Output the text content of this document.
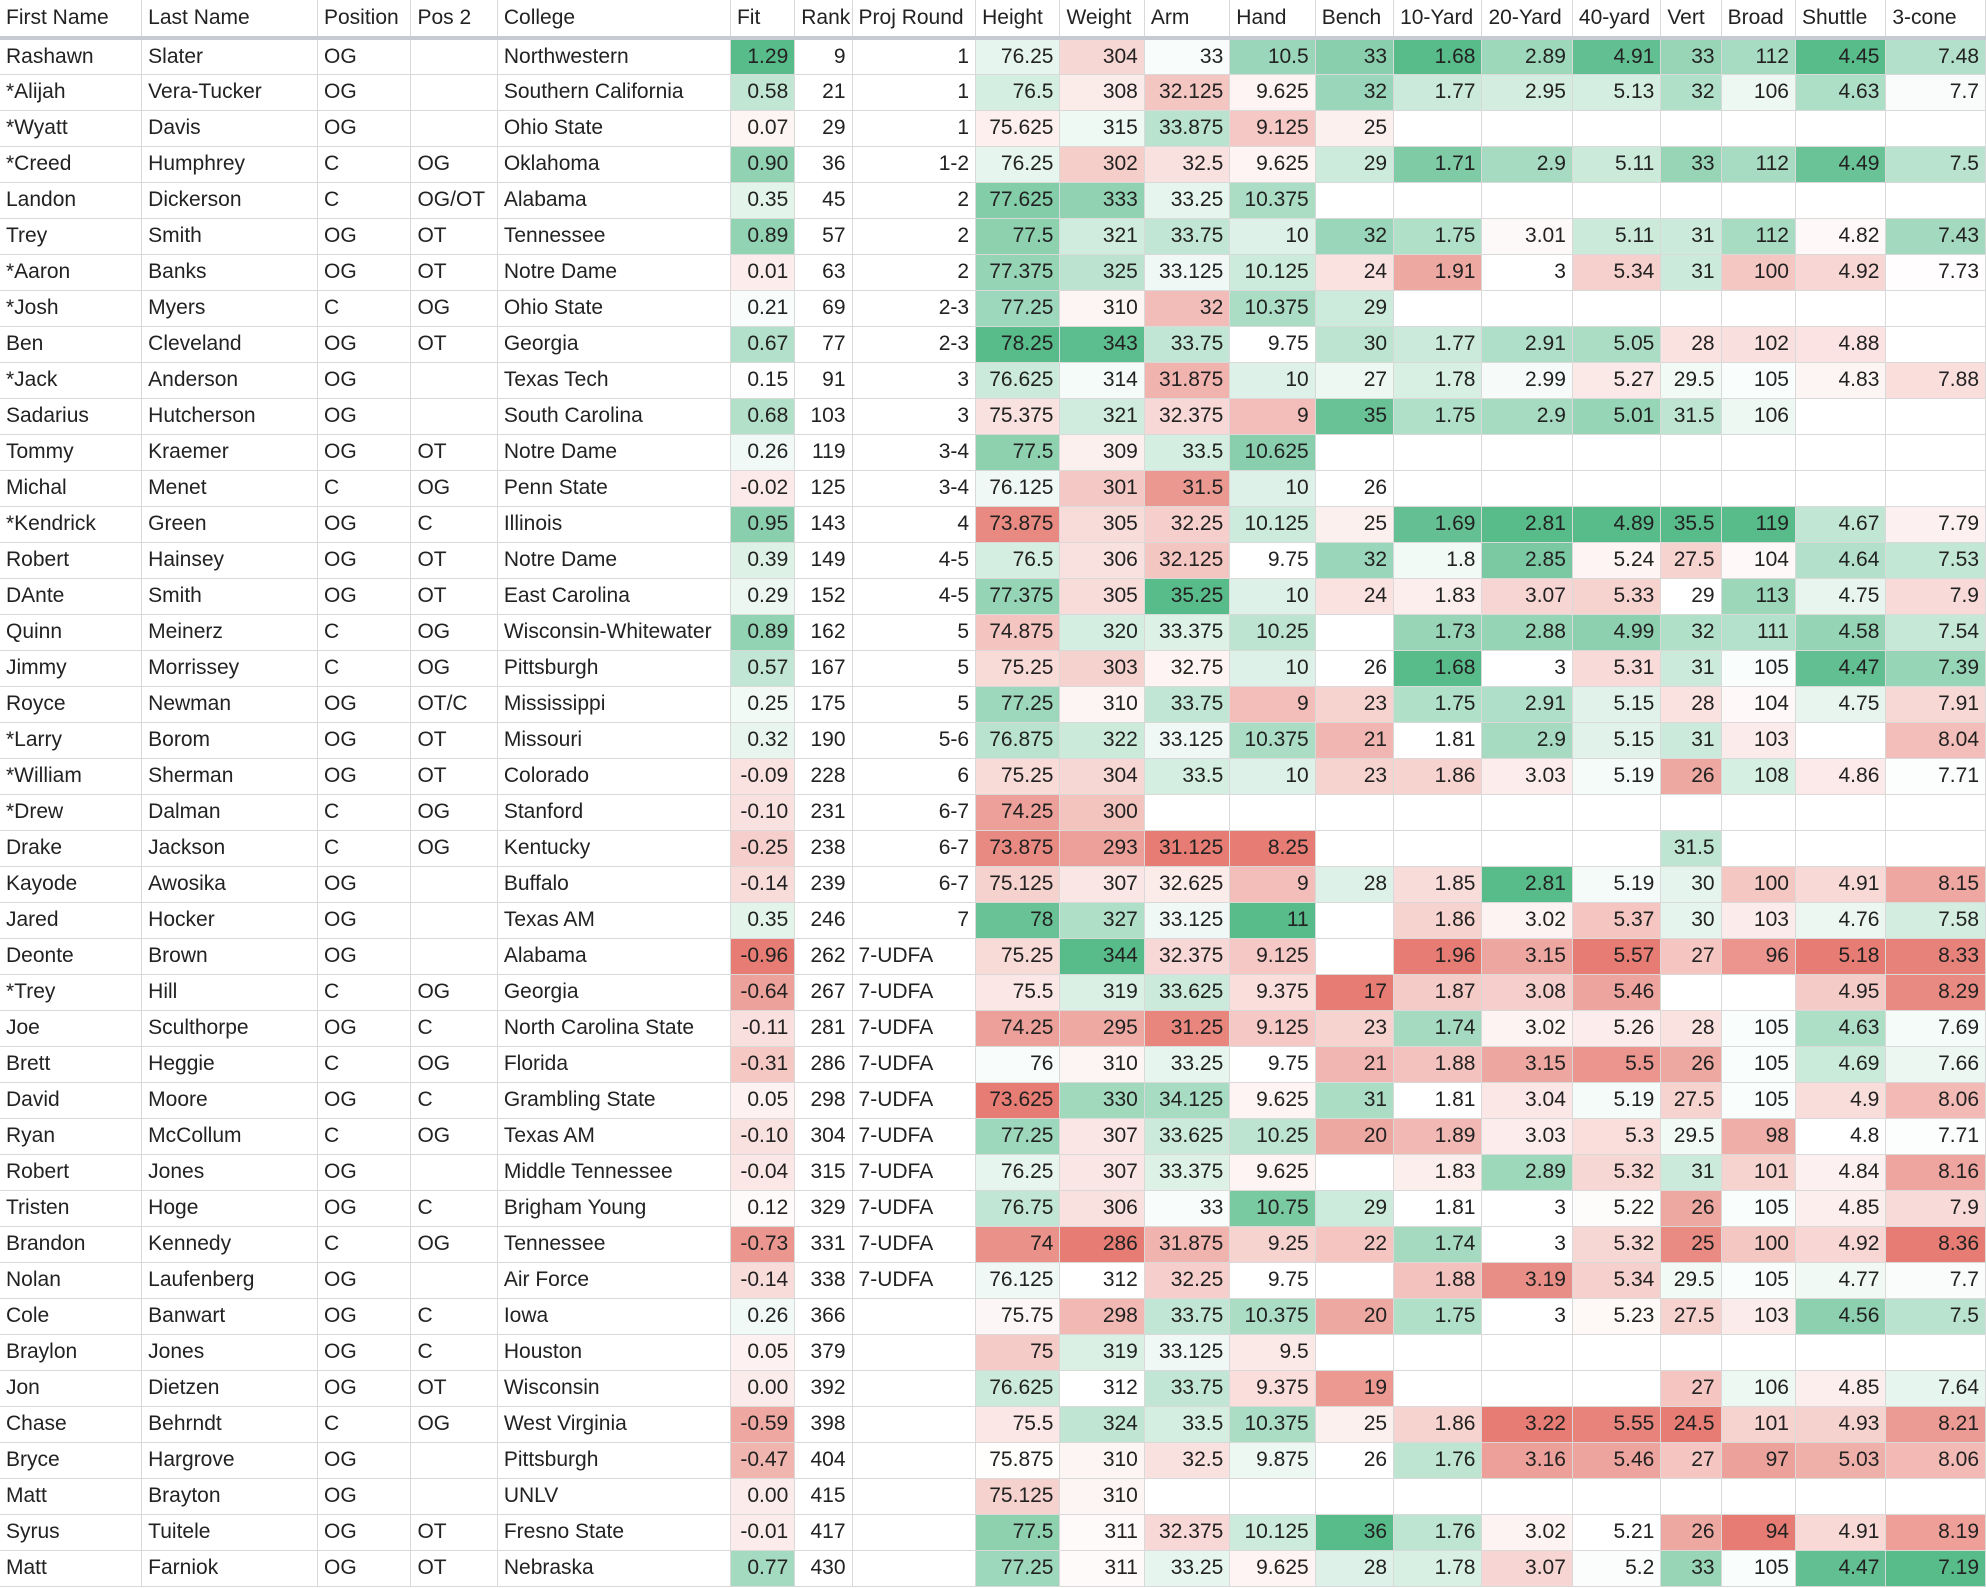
First Name	Last Name	Position	Pos 2	College	Fit	Rank	Proj Round	Height	Weight	Arm	Hand	Bench	10-Yard	20-Yard	40-yard	Vert	Broad	Shuttle	3-cone
Rashawn	Slater	OG		Northwestern	1.29	9	1	76.25	304	33	10.5	33	1.68	2.89	4.91	33	112	4.45	7.48
*Alijah	Vera-Tucker	OG		Southern California	0.58	21	1	76.5	308	32.125	9.625	32	1.77	2.95	5.13	32	106	4.63	7.7
*Wyatt	Davis	OG		Ohio State	0.07	29	1	75.625	315	33.875	9.125	25							
*Creed	Humphrey	C	OG	Oklahoma	0.90	36	1-2	76.25	302	32.5	9.625	29	1.71	2.9	5.11	33	112	4.49	7.5
Landon	Dickerson	C	OG/OT	Alabama	0.35	45	2	77.625	333	33.25	10.375								
Trey	Smith	OG	OT	Tennessee	0.89	57	2	77.5	321	33.75	10	32	1.75	3.01	5.11	31	112	4.82	7.43
*Aaron	Banks	OG	OT	Notre Dame	0.01	63	2	77.375	325	33.125	10.125	24	1.91	3	5.34	31	100	4.92	7.73
*Josh	Myers	C	OG	Ohio State	0.21	69	2-3	77.25	310	32	10.375	29							
Ben	Cleveland	OG	OT	Georgia	0.67	77	2-3	78.25	343	33.75	9.75	30	1.77	2.91	5.05	28	102	4.88	
*Jack	Anderson	OG		Texas Tech	0.15	91	3	76.625	314	31.875	10	27	1.78	2.99	5.27	29.5	105	4.83	7.88
Sadarius	Hutcherson	OG		South Carolina	0.68	103	3	75.375	321	32.375	9	35	1.75	2.9	5.01	31.5	106		
Tommy	Kraemer	OG	OT	Notre Dame	0.26	119	3-4	77.5	309	33.5	10.625								
Michal	Menet	C	OG	Penn State	-0.02	125	3-4	76.125	301	31.5	10	26							
*Kendrick	Green	OG	C	Illinois	0.95	143	4	73.875	305	32.25	10.125	25	1.69	2.81	4.89	35.5	119	4.67	7.79
Robert	Hainsey	OG	OT	Notre Dame	0.39	149	4-5	76.5	306	32.125	9.75	32	1.8	2.85	5.24	27.5	104	4.64	7.53
DAnte	Smith	OG	OT	East Carolina	0.29	152	4-5	77.375	305	35.25	10	24	1.83	3.07	5.33	29	113	4.75	7.9
Quinn	Meinerz	C	OG	Wisconsin-Whitewater	0.89	162	5	74.875	320	33.375	10.25		1.73	2.88	4.99	32	111	4.58	7.54
Jimmy	Morrissey	C	OG	Pittsburgh	0.57	167	5	75.25	303	32.75	10	26	1.68	3	5.31	31	105	4.47	7.39
Royce	Newman	OG	OT/C	Mississippi	0.25	175	5	77.25	310	33.75	9	23	1.75	2.91	5.15	28	104	4.75	7.91
*Larry	Borom	OG	OT	Missouri	0.32	190	5-6	76.875	322	33.125	10.375	21	1.81	2.9	5.15	31	103		8.04
*William	Sherman	OG	OT	Colorado	-0.09	228	6	75.25	304	33.5	10	23	1.86	3.03	5.19	26	108	4.86	7.71
*Drew	Dalman	C	OG	Stanford	-0.10	231	6-7	74.25	300										
Drake	Jackson	C	OG	Kentucky	-0.25	238	6-7	73.875	293	31.125	8.25					31.5			
Kayode	Awosika	OG		Buffalo	-0.14	239	6-7	75.125	307	32.625	9	28	1.85	2.81	5.19	30	100	4.91	8.15
Jared	Hocker	OG		Texas AM	0.35	246	7	78	327	33.125	11		1.86	3.02	5.37	30	103	4.76	7.58
Deonte	Brown	OG		Alabama	-0.96	262	7-UDFA	75.25	344	32.375	9.125		1.96	3.15	5.57	27	96	5.18	8.33
*Trey	Hill	C	OG	Georgia	-0.64	267	7-UDFA	75.5	319	33.625	9.375	17	1.87	3.08	5.46			4.95	8.29
Joe	Sculthorpe	OG	C	North Carolina State	-0.11	281	7-UDFA	74.25	295	31.25	9.125	23	1.74	3.02	5.26	28	105	4.63	7.69
Brett	Heggie	C	OG	Florida	-0.31	286	7-UDFA	76	310	33.25	9.75	21	1.88	3.15	5.5	26	105	4.69	7.66
David	Moore	OG	C	Grambling State	0.05	298	7-UDFA	73.625	330	34.125	9.625	31	1.81	3.04	5.19	27.5	105	4.9	8.06
Ryan	McCollum	C	OG	Texas AM	-0.10	304	7-UDFA	77.25	307	33.625	10.25	20	1.89	3.03	5.3	29.5	98	4.8	7.71
Robert	Jones	OG		Middle Tennessee	-0.04	315	7-UDFA	76.25	307	33.375	9.625		1.83	2.89	5.32	31	101	4.84	8.16
Tristen	Hoge	OG	C	Brigham Young	0.12	329	7-UDFA	76.75	306	33	10.75	29	1.81	3	5.22	26	105	4.85	7.9
Brandon	Kennedy	C	OG	Tennessee	-0.73	331	7-UDFA	74	286	31.875	9.25	22	1.74	3	5.32	25	100	4.92	8.36
Nolan	Laufenberg	OG		Air Force	-0.14	338	7-UDFA	76.125	312	32.25	9.75		1.88	3.19	5.34	29.5	105	4.77	7.7
Cole	Banwart	OG	C	Iowa	0.26	366		75.75	298	33.75	10.375	20	1.75	3	5.23	27.5	103	4.56	7.5
Braylon	Jones	OG	C	Houston	0.05	379		75	319	33.125	9.5								
Jon	Dietzen	OG	OT	Wisconsin	0.00	392		76.625	312	33.75	9.375	19				27	106	4.85	7.64
Chase	Behrndt	C	OG	West Virginia	-0.59	398		75.5	324	33.5	10.375	25	1.86	3.22	5.55	24.5	101	4.93	8.21
Bryce	Hargrove	OG		Pittsburgh	-0.47	404		75.875	310	32.5	9.875	26	1.76	3.16	5.46	27	97	5.03	8.06
Matt	Brayton	OG		UNLV	0.00	415		75.125	310										
Syrus	Tuitele	OG	OT	Fresno State	-0.01	417		77.5	311	32.375	10.125	36	1.76	3.02	5.21	26	94	4.91	8.19
Matt	Farniok	OG	OT	Nebraska	0.77	430		77.25	311	33.25	9.625	28	1.78	3.07	5.2	33	105	4.47	7.19
